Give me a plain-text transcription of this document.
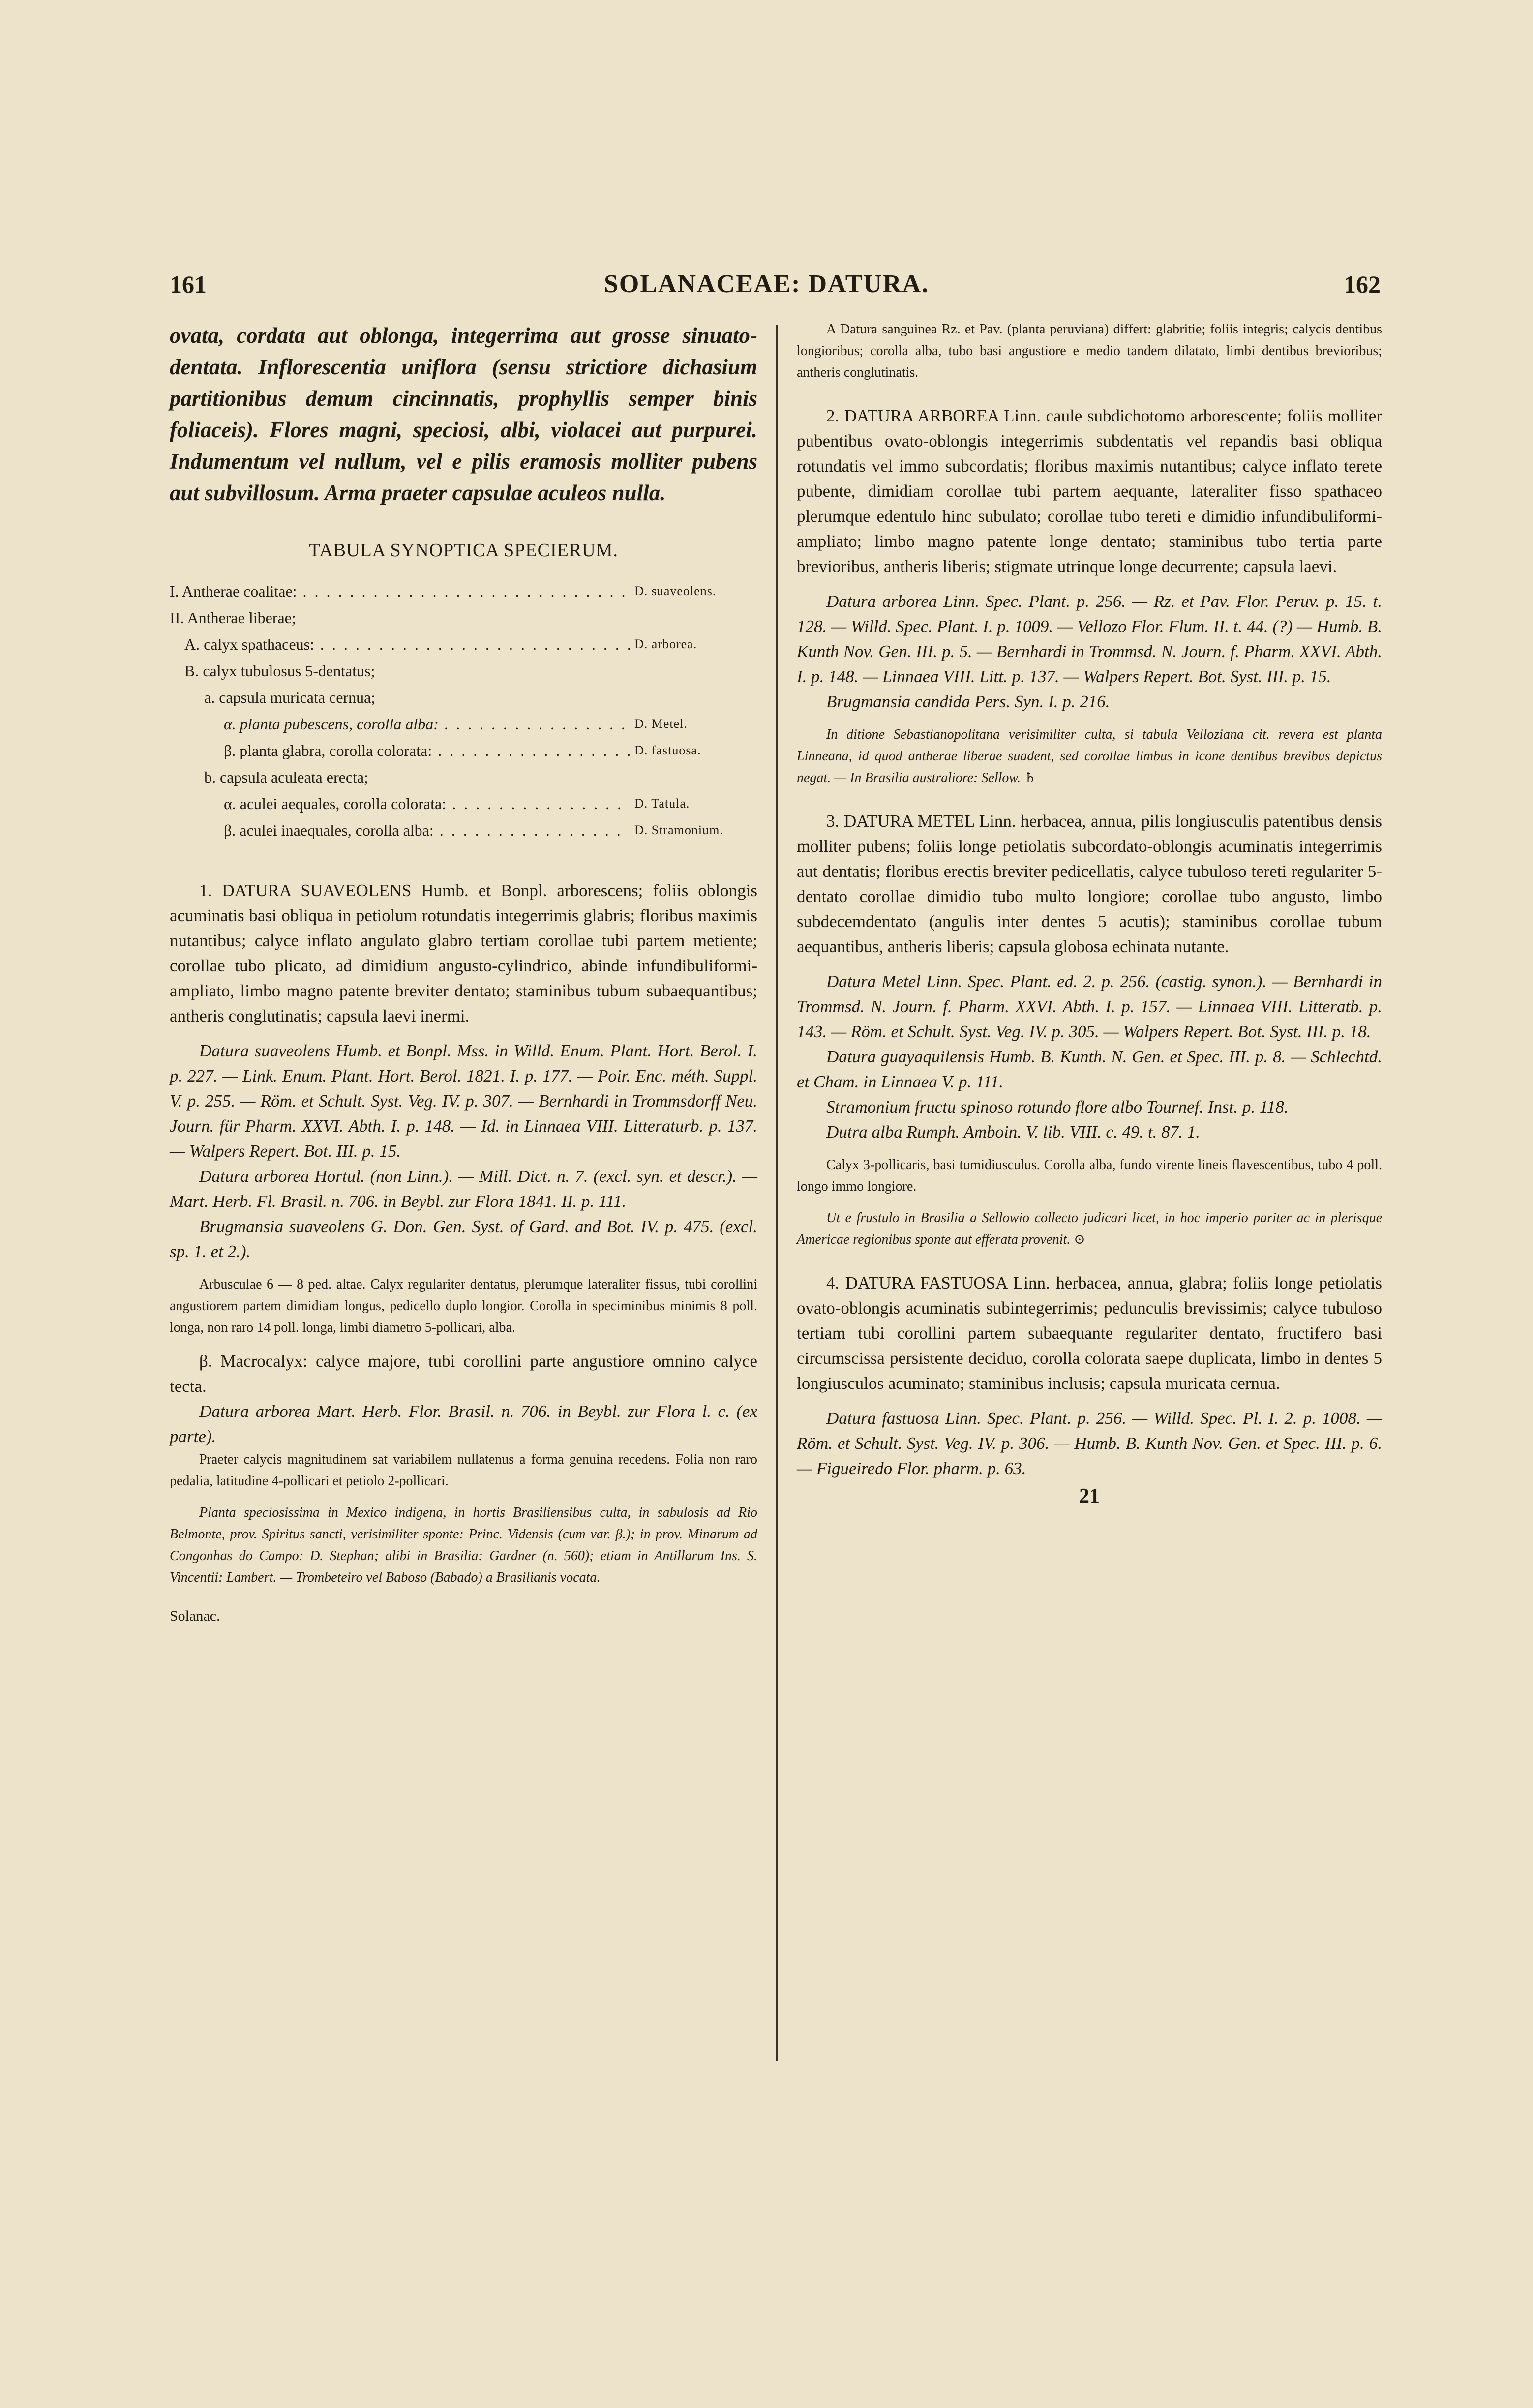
161	SOLANACEAE: DATURA.	162

ovata, cordata aut oblonga, integerrima aut grosse sinuato-dentata. Inflorescentia uniflora (sensu strictiore dichasium partitionibus demum cincinnatis, prophyllis semper binis foliaceis). Flores magni, speciosi, albi, violacei aut purpurei. Indumentum vel nullum, vel e pilis eramosis molliter pubens aut subvillosum. Arma praeter capsulae aculeos nulla.

TABULA SYNOPTICA SPECIERUM.
I. Antherae coalitae: . . .	D. suaveolens.
II. Antherae liberae;
A. calyx spathaceus: . . .	D. arborea.
B. calyx tubulosus 5-dentatus;
a. capsula muricata cernua;
α. planta pubescens, corolla alba: . . .	D. Metel.
β. planta glabra, corolla colorata: . . .	D. fastuosa.
b. capsula aculeata erecta;
α. aculei aequales, corolla colorata: . . .	D. Tatula.
β. aculei inaequales, corolla alba: . . .	D. Stramonium.

1. DATURA SUAVEOLENS Humb. et Bonpl. arborescens; foliis oblongis acuminatis basi obliqua in petiolum rotundatis integerrimis glabris; floribus maximis nutantibus; calyce inflato angulato glabro tertiam corollae tubi partem metiente; corollae tubo plicato, ad dimidium angusto-cylindrico, abinde infundibuliformi-ampliato, limbo magno patente breviter dentato; staminibus tubum subaequantibus; antheris conglutinatis; capsula laevi inermi.

Datura suaveolens Humb. et Bonpl. Mss. in Willd. Enum. Plant. Hort. Berol. I. p. 227. — Link. Enum. Plant. Hort. Berol. 1821. I. p. 177. — Poir. Enc. méth. Suppl. V. p. 255. — Röm. et Schult. Syst. Veg. IV. p. 307. — Bernhardi in Trommsdorff Neu. Journ. für Pharm. XXVI. Abth. I. p. 148. — Id. in Linnaea VIII. Litteraturb. p. 137. — Walpers Repert. Bot. III. p. 15.

Datura arborea Hortul. (non Linn.). — Mill. Dict. n. 7. (excl. syn. et descr.). — Mart. Herb. Fl. Brasil. n. 706. in Beybl. zur Flora 1841. II. p. 111.

Brugmansia suaveolens G. Don. Gen. Syst. of Gard. and Bot. IV. p. 475. (excl. sp. 1. et 2.).

Arbusculae 6 — 8 ped. altae. Calyx regulariter dentatus, plerumque lateraliter fissus, tubi corollini angustiorem partem dimidiam longus, pedicello duplo longior. Corolla in speciminibus minimis 8 poll. longa, non raro 14 poll. longa, limbi diametro 5-pollicari, alba.

β. Macrocalyx: calyce majore, tubi corollini parte angustiore omnino calyce tecta.

Datura arborea Mart. Herb. Flor. Brasil. n. 706. in Beybl. zur Flora l. c. (ex parte).

Praeter calycis magnitudinem sat variabilem nullatenus a forma genuina recedens. Folia non raro pedalia, latitudine 4-pollicari et petiolo 2-pollicari.

Planta speciosissima in Mexico indigena, in hortis Brasiliensibus culta, in sabulosis ad Rio Belmonte, prov. Spiritus sancti, verisimiliter sponte: Princ. Vidensis (cum var. β.); in prov. Minarum ad Congonhas do Campo: D. Stephan; alibi in Brasilia: Gardner (n. 560); etiam in Antillarum Ins. S. Vincentii: Lambert. — Trombeteiro vel Baboso (Babado) a Brasilianis vocata.

Solanac.

A Datura sanguinea Rz. et Pav. (planta peruviana) differt: glabritie; foliis integris; calycis dentibus longioribus; corolla alba, tubo basi angustiore e medio tandem dilatato, limbi dentibus brevioribus; antheris conglutinatis.

2. DATURA ARBOREA Linn. caule subdichotomo arborescente; foliis molliter pubentibus ovato-oblongis integerrimis subdentatis vel repandis basi obliqua rotundatis vel immo subcordatis; floribus maximis nutantibus; calyce inflato terete pubente, dimidiam corollae tubi partem aequante, lateraliter fisso spathaceo plerumque edentulo hinc subulato; corollae tubo tereti e dimidio infundibuliformi-ampliato; limbo magno patente longe dentato; staminibus tubo tertia parte brevioribus, antheris liberis; stigmate utrinque longe decurrente; capsula laevi.

Datura arborea Linn. Spec. Plant. p. 256. — Rz. et Pav. Flor. Peruv. p. 15. t. 128. — Willd. Spec. Plant. I. p. 1009. — Vellozo Flor. Flum. II. t. 44. (?) — Humb. B. Kunth Nov. Gen. III. p. 5. — Bernhardi in Trommsd. N. Journ. f. Pharm. XXVI. Abth. I. p. 148. — Linnaea VIII. Litt. p. 137. — Walpers Repert. Bot. Syst. III. p. 15.

Brugmansia candida Pers. Syn. I. p. 216.

In ditione Sebastianopolitana verisimiliter culta, si tabula Velloziana cit. revera est planta Linneana, id quod antherae liberae suadent, sed corollae limbus in icone dentibus brevibus depictus negat. — In Brasilia australiore: Sellow. ♄

3. DATURA METEL Linn. herbacea, annua, pilis longiusculis patentibus densis molliter pubens; foliis longe petiolatis subcordato-oblongis acuminatis integerrimis aut dentatis; floribus erectis breviter pedicellatis, calyce tubuloso tereti regulariter 5-dentato corollae dimidio tubo multo longiore; corollae tubo angusto, limbo subdecemdentato (angulis inter dentes 5 acutis); staminibus corollae tubum aequantibus, antheris liberis; capsula globosa echinata nutante.

Datura Metel Linn. Spec. Plant. ed. 2. p. 256. (castig. synon.). — Bernhardi in Trommsd. N. Journ. f. Pharm. XXVI. Abth. I. p. 157. — Linnaea VIII. Litteratb. p. 143. — Röm. et Schult. Syst. Veg. IV. p. 305. — Walpers Repert. Bot. Syst. III. p. 18.

Datura guayaquilensis Humb. B. Kunth. N. Gen. et Spec. III. p. 8. — Schlechtd. et Cham. in Linnaea V. p. 111.

Stramonium fructu spinoso rotundo flore albo Tournef. Inst. p. 118.

Dutra alba Rumph. Amboin. V. lib. VIII. c. 49. t. 87. 1.

Calyx 3-pollicaris, basi tumidiusculus. Corolla alba, fundo virente lineis flavescentibus, tubo 4 poll. longo immo longiore.

Ut e frustulo in Brasilia a Sellowio collecto judicari licet, in hoc imperio pariter ac in plerisque Americae regionibus sponte aut efferata provenit. ⊙

4. DATURA FASTUOSA Linn. herbacea, annua, glabra; foliis longe petiolatis ovato-oblongis acuminatis subintegerrimis; pedunculis brevissimis; calyce tubuloso tertiam tubi corollini partem subaequante regulariter dentato, fructifero basi circumscissa persistente deciduo, corolla colorata saepe duplicata, limbo in dentes 5 longiusculos acuminato; staminibus inclusis; capsula muricata cernua.

Datura fastuosa Linn. Spec. Plant. p. 256. — Willd. Spec. Pl. I. 2. p. 1008. — Röm. et Schult. Syst. Veg. IV. p. 306. — Humb. B. Kunth Nov. Gen. et Spec. III. p. 6. — Figueiredo Flor. pharm. p. 63.

21
